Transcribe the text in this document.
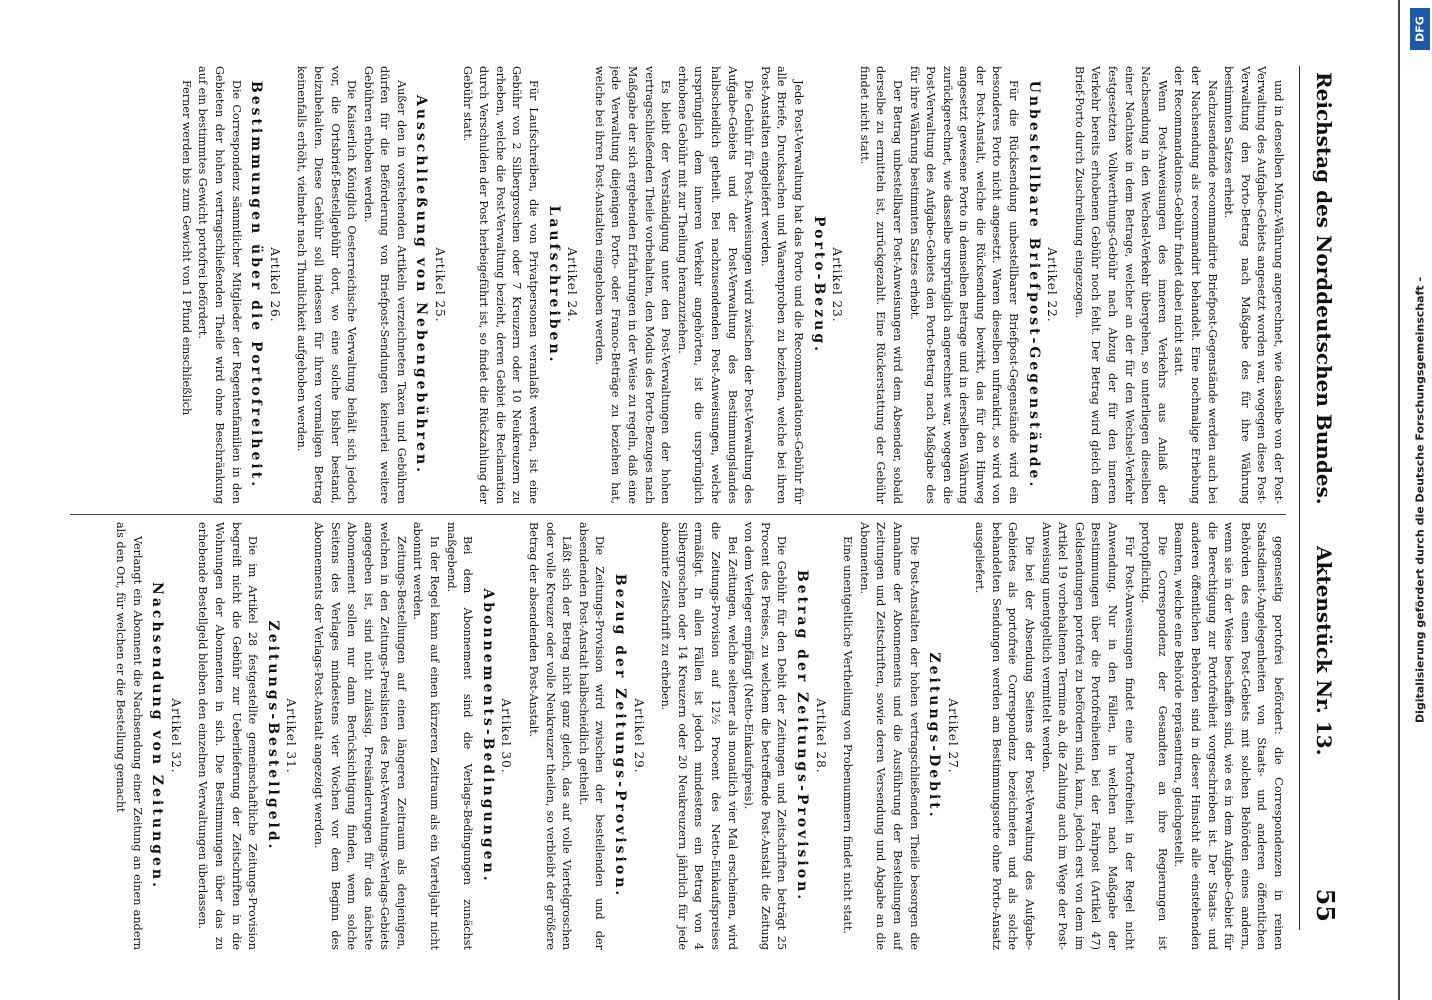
Reichstag des Norddeutschen Bundes.
Aktenstück Nr. 13.
55
und in denselben Münz-Währung angerechnet, wie dasselbe von der Post-Verwaltung des Aufgabe-Gebiets angesetzt worden war, wogegen diese Post-Verwaltung den Porto-Betrag nach Maßgabe des für ihre Währung bestimmten Satzes erhebt.
Nachzusendende recommandirte Briefpost-Gegenstände werden auch bei der Nachsendung als recommandirt behandelt. Eine nochmalige Erhebung der Recommandations-Gebühr findet dabei nicht statt.
Wenn Post-Anweisungen des inneren Verkehrs aus Anlaß der Nachsendung in den Wechsel-Verkehr übergehen, so unterliegen dieselben einer Nachtaxe in dem Betrage, welcher an der für den Wechsel-Verkehr festgesetzten Vollwerthungs-Gebühr nach Abzug der für den inneren Verkehr bereits erhobenen Gebühr noch fehlt. Der Betrag wird gleich dem Brief-Porto durch Zuschreibung eingezogen.
Artikel 22.
Unbestellbare Briefpost-Gegenstände.
Für die Rücksendung unbestellbarer Briefpost-Gegenstände wird ein besonderes Porto nicht angesetzt. Waren dieselben unfrankirt, so wird von der Post-Anstalt, welche die Rücksendung bewirkt, das für den Hinweg angesetzt gewesene Porto in demselben Betrage und in derselben Währung zurückgerechnet, wie dasselbe ursprünglich angerechnet war, wogegen die Post-Verwaltung des Aufgabe-Gebiets den Porto-Betrag nach Maßgabe des für ihre Währung bestimmten Satzes erhebt.
Der Betrag unbestellbarer Post-Anweisungen wird dem Absender, sobald derselbe zu ermitteln ist, zurückgezahlt. Eine Rückerstattung der Gebühr findet nicht statt.
Artikel 23.
Porto-Bezug.
Jede Post-Verwaltung hat das Porto und die Recommandations-Gebühr für alle Briefe, Drucksachen und Waarenproben zu beziehen, welche bei ihren Post-Anstalten eingeliefert werden.
Die Gebühr für Post-Anweisungen wird zwischen der Post-Verwaltung des Aufgabe-Gebiets und der Post-Verwaltung des Bestimmungslandes halbscheidlich getheilt. Bei nachzusendenden Post-Anweisungen, welche ursprünglich dem inneren Verkehr angehörten, ist die ursprünglich erhobene Gebühr mit zur Theilung heranzuziehen.
Es bleibt der Verständigung unter den Post-Verwaltungen der hohen vertragschließenden Theile vorbehalten, den Modus des Porto-Bezuges nach Maßgabe der sich ergebenden Erfahrungen in der Weise zu regeln, daß eine jede Verwaltung diejenigen Porto- oder Franco-Beträge zu beziehen hat, welche bei ihren Post-Anstalten eingehoben werden.
Artikel 24.
Laufschreiben.
Für Laufschreiben, die von Privatpersonen veranlaßt werden, ist eine Gebühr von 2 Silbergroschen oder 7 Kreuzern oder 10 Neukreuzern zu erheben, welche die Post-Verwaltung bezieht, deren Gebiet die Reclamation durch Verschulden der Post herbeigeführt ist, so findet die Rückzahlung der Gebühr statt.
Artikel 25.
Ausschließung von Nebengebühren.
Außer den in vorstehenden Artikeln verzeichneten Taxen und Gebühren dürfen für die Beförderung von Briefpost-Sendungen keinerlei weitere Gebühren erhoben werden.
Die Kaiserlich Königlich Oesterreichische Verwaltung behält sich jedoch vor, die Ortsbrief-Bestellgebühr dort, wo eine solche bisher bestand, beizubehalten. Diese Gebühr soll indessen für ihren vormaligen Betrag keinenfalls erhöht, vielmehr nach Thunlichkeit aufgehoben werden.
Artikel 26.
Bestimmungen über die Portofreiheit.
Die Correspondenz sämmtlicher Mitglieder der Regentenfamilien in den Gebieten der hohen vertragschließenden Theile wird ohne Beschränkung auf ein bestimmtes Gewicht portofrei befördert.
Ferner werden bis zum Gewicht von 1 Pfund einschließlich
gegenseitig portofrei befördert: die Correspondenzen in reinen Staatsdienst-Angelegenheiten von Staats- und anderen öffentlichen Behörden des einen Post-Gebiets mit solchen Behörden eines andern, wenn sie in der Weise beschaffen sind, wie es in dem Aufgabe-Gebiet für die Berechtigung zur Portofreiheit vorgeschrieben ist. Der Staats- und anderen öffentlichen Behörden sind in dieser Hinsicht alle einstehenden Beamten, welche eine Behörde repräsentiren, gleichgestellt.
Die Correspondenz der Gesandten an ihre Regierungen ist portopflichtig.
Für Post-Anweisungen findet eine Portofreiheit in der Regel nicht Anwendung. Nur in den Fällen, in welchen nach Maßgabe der Bestimmungen über die Portofreiheiten bei der Fahrpost (Artikel 47) Geldsendungen portofrei zu befördern sind, kann, jedoch erst von dem im Artikel 19 vorbehaltenen Termine ab, die Zahlung auch im Wege der Post-Anweisung unentgeltlich vermittelt werden.
Die bei der Absendung Seitens der Post-Verwaltung des Aufgabe-Gebietes als portofreie Correspondenz bezeichneten und als solche behandelten Sendungen werden am Bestimmungsorte ohne Porto-Ansatz ausgeliefert.
Artikel 27.
Zeitungs-Debit.
Die Post-Anstalten der hohen vertragschließenden Theile besorgen die Annahme der Abonnements und die Ausführung der Bestellungen auf Zeitungen und Zeitschriften, sowie deren Versendung und Abgabe an die Abonnenten.
Eine unentgeltliche Vertheilung von Probenummern findet nicht statt.
Artikel 28.
Betrag der Zeitungs-Provision.
Die Gebühr für den Debit der Zeitungen und Zeitschriften beträgt 25 Procent des Preises, zu welchem die betreffende Post-Anstalt die Zeitung von dem Verleger empfängt (Netto-Einkaufspreis).
Bei Zeitungen, welche seltener als monatlich vier Mal erscheinen, wird die Zeitungs-Provision auf 12½ Procent des Netto-Einkaufspreises ermäßigt. In allen Fällen ist jedoch mindestens ein Betrag von 4 Silbergroschen oder 14 Kreuzern oder 20 Neukreuzern jährlich für jede abonnirte Zeitschrift zu erheben.
Artikel 29.
Bezug der Zeitungs-Provision.
Die Zeitungs-Provision wird zwischen der bestellenden und der absendenden Post-Anstalt halbscheidlich getheilt.
Läßt sich der Betrag nicht ganz gleich, das auf volle Viertelgroschen oder volle Kreuzer oder volle Neukreuzer theilen, so verbleibt der größere Betrag der absendenden Post-Anstalt.
Artikel 30.
Abonnements-Bedingungen.
Bei dem Abonnement sind die Verlags-Bedingungen zunächst maßgebend.
In der Regel kann auf einen kürzeren Zeitraum als ein Vierteljahr nicht abonnirt werden.
Zeitungs-Bestellungen auf einen längeren Zeitraum als denjenigen, welchen in den Zeitungs-Preislisten des Post-Verwaltungs-Verlags-Gebiets angegeben ist, sind nicht zulässig. Preisänderungen für das nächste Abonnement sollen nur dann Berücksichtigung finden, wenn solche Seitens des Verlages mindestens vier Wochen vor dem Beginn des Abonnements der Verlags-Post-Anstalt angezeigt werden.
Artikel 31.
Zeitungs-Bestellgeld.
Die im Artikel 28 festgestellte gemeinschaftliche Zeitungs-Provision begreift nicht die Gebühr zur Ueberlieferung der Zeitschriften in die Wohnungen der Abonnenten in sich. Die Bestimmungen über das zu erhebende Bestellgeld bleiben den einzelnen Verwaltungen überlassen.
Artikel 32.
Nachsendung von Zeitungen.
Verlangt ein Abonnent die Nachsendung einer Zeitung an einen andern als den Ort, für welchen er die Bestellung gemacht
DFG
Digitalisierung gefördert durch die Deutsche Forschungsgemeinschaft -
